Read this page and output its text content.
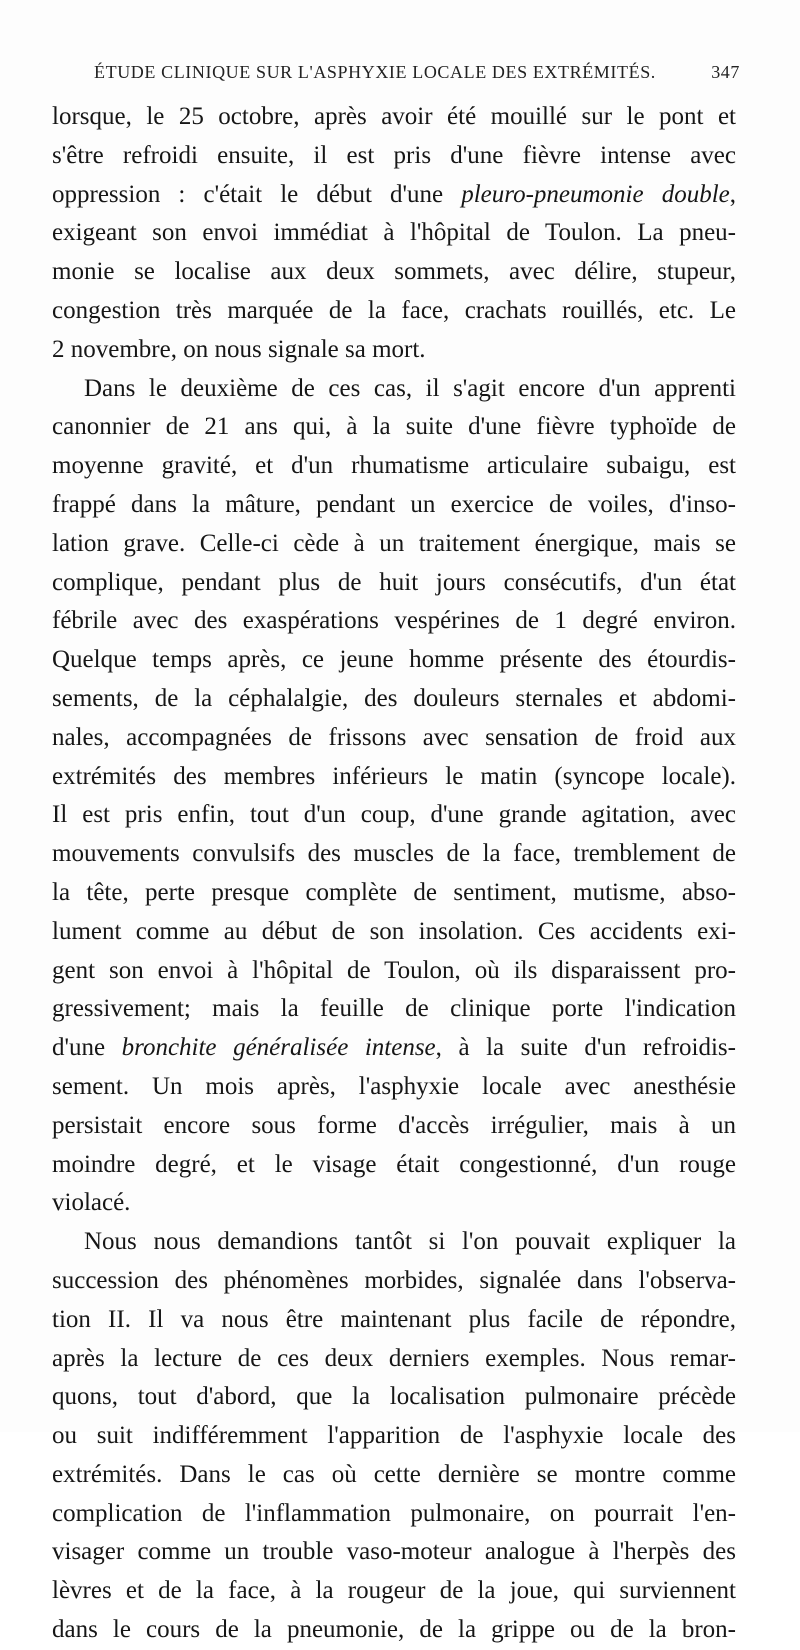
ÉTUDE CLINIQUE SUR L'ASPHYXIE LOCALE DES EXTRÉMITÉS.	347
lorsque, le 25 octobre, après avoir été mouillé sur le pont et
s'être refroidi ensuite, il est pris d'une fièvre intense avec
oppression : c'était le début d'une pleuro-pneumonie double,
exigeant son envoi immédiat à l'hôpital de Toulon. La pneu-
monie se localise aux deux sommets, avec délire, stupeur,
congestion très marquée de la face, crachats rouillés, etc. Le
2 novembre, on nous signale sa mort.
Dans le deuxième de ces cas, il s'agit encore d'un apprenti
canonnier de 21 ans qui, à la suite d'une fièvre typhoïde de
moyenne gravité, et d'un rhumatisme articulaire subaigu, est
frappé dans la mâture, pendant un exercice de voiles, d'inso-
lation grave. Celle-ci cède à un traitement énergique, mais se
complique, pendant plus de huit jours consécutifs, d'un état
fébrile avec des exaspérations vespérines de 1 degré environ.
Quelque temps après, ce jeune homme présente des étourdis-
sements, de la céphalalgie, des douleurs sternales et abdomi-
nales, accompagnées de frissons avec sensation de froid aux
extrémités des membres inférieurs le matin (syncope locale).
Il est pris enfin, tout d'un coup, d'une grande agitation, avec
mouvements convulsifs des muscles de la face, tremblement de
la tête, perte presque complète de sentiment, mutisme, abso-
lument comme au début de son insolation. Ces accidents exi-
gent son envoi à l'hôpital de Toulon, où ils disparaissent pro-
gressivement; mais la feuille de clinique porte l'indication
d'une bronchite généralisée intense, à la suite d'un refroidis-
sement. Un mois après, l'asphyxie locale avec anesthésie
persistait encore sous forme d'accès irrégulier, mais à un
moindre degré, et le visage était congestionné, d'un rouge
violacé.
Nous nous demandions tantôt si l'on pouvait expliquer la
succession des phénomènes morbides, signalée dans l'observa-
tion II. Il va nous être maintenant plus facile de répondre,
après la lecture de ces deux derniers exemples. Nous remar-
quons, tout d'abord, que la localisation pulmonaire précède
ou suit indifféremment l'apparition de l'asphyxie locale des
extrémités. Dans le cas où cette dernière se montre comme
complication de l'inflammation pulmonaire, on pourrait l'en-
visager comme un trouble vaso-moteur analogue à l'herpès des
lèvres et de la face, à la rougeur de la joue, qui surviennent
dans le cours de la pneumonie, de la grippe ou de la bron-
